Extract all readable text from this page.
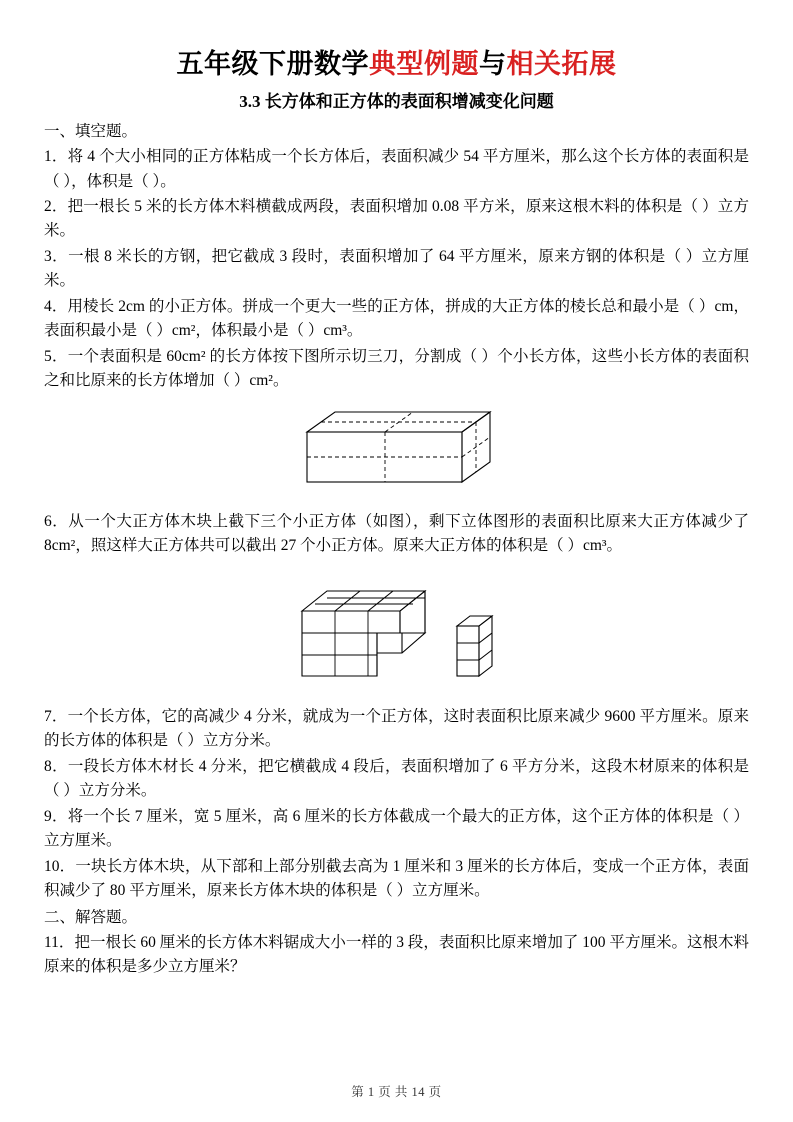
五年级下册数学典型例题与相关拓展
3.3 长方体和正方体的表面积增减变化问题
一、填空题。

1．将 4 个大小相同的正方体粘成一个长方体后，表面积减少 54 平方厘米，那么这个长方体的表面积是（ ），体积是（ ）。

2．把一根长 5 米的长方体木料横截成两段，表面积增加 0.08 平方米，原来这根木料的体积是（ ）立方米。

3．一根 8 米长的方钢，把它截成 3 段时，表面积增加了 64 平方厘米，原来方钢的体积是（ ）立方厘米。

4．用棱长 2cm 的小正方体。拼成一个更大一些的正方体，拼成的大正方体的棱长总和最小是（ ）cm，表面积最小是（ ）cm²，体积最小是（ ）cm³。

5．一个表面积是 60cm² 的长方体按下图所示切三刀，分割成（ ）个小长方体，这些小长方体的表面积之和比原来的长方体增加（ ）cm²。

6．从一个大正方体木块上截下三个小正方体（如图），剩下立体图形的表面积比原来大正方体减少了 8cm²，照这样大正方体共可以截出 27 个小正方体。原来大正方体的体积是（ ）cm³。

7．一个长方体，它的高减少 4 分米，就成为一个正方体，这时表面积比原来减少 9600 平方厘米。原来的长方体的体积是（ ）立方分米。

8．一段长方体木材长 4 分米，把它横截成 4 段后，表面积增加了 6 平方分米，这段木材原来的体积是（ ）立方分米。

9．将一个长 7 厘米，宽 5 厘米，高 6 厘米的长方体截成一个最大的正方体，这个正方体的体积是（ ）立方厘米。

10．一块长方体木块，从下部和上部分别截去高为 1 厘米和 3 厘米的长方体后，变成一个正方体，表面积减少了 80 平方厘米，原来长方体木块的体积是（ ）立方厘米。

二、解答题。

11．把一根长 60 厘米的长方体木料锯成大小一样的 3 段，表面积比原来增加了 100 平方厘米。这根木料原来的体积是多少立方厘米？

第 1 页 共 14 页
